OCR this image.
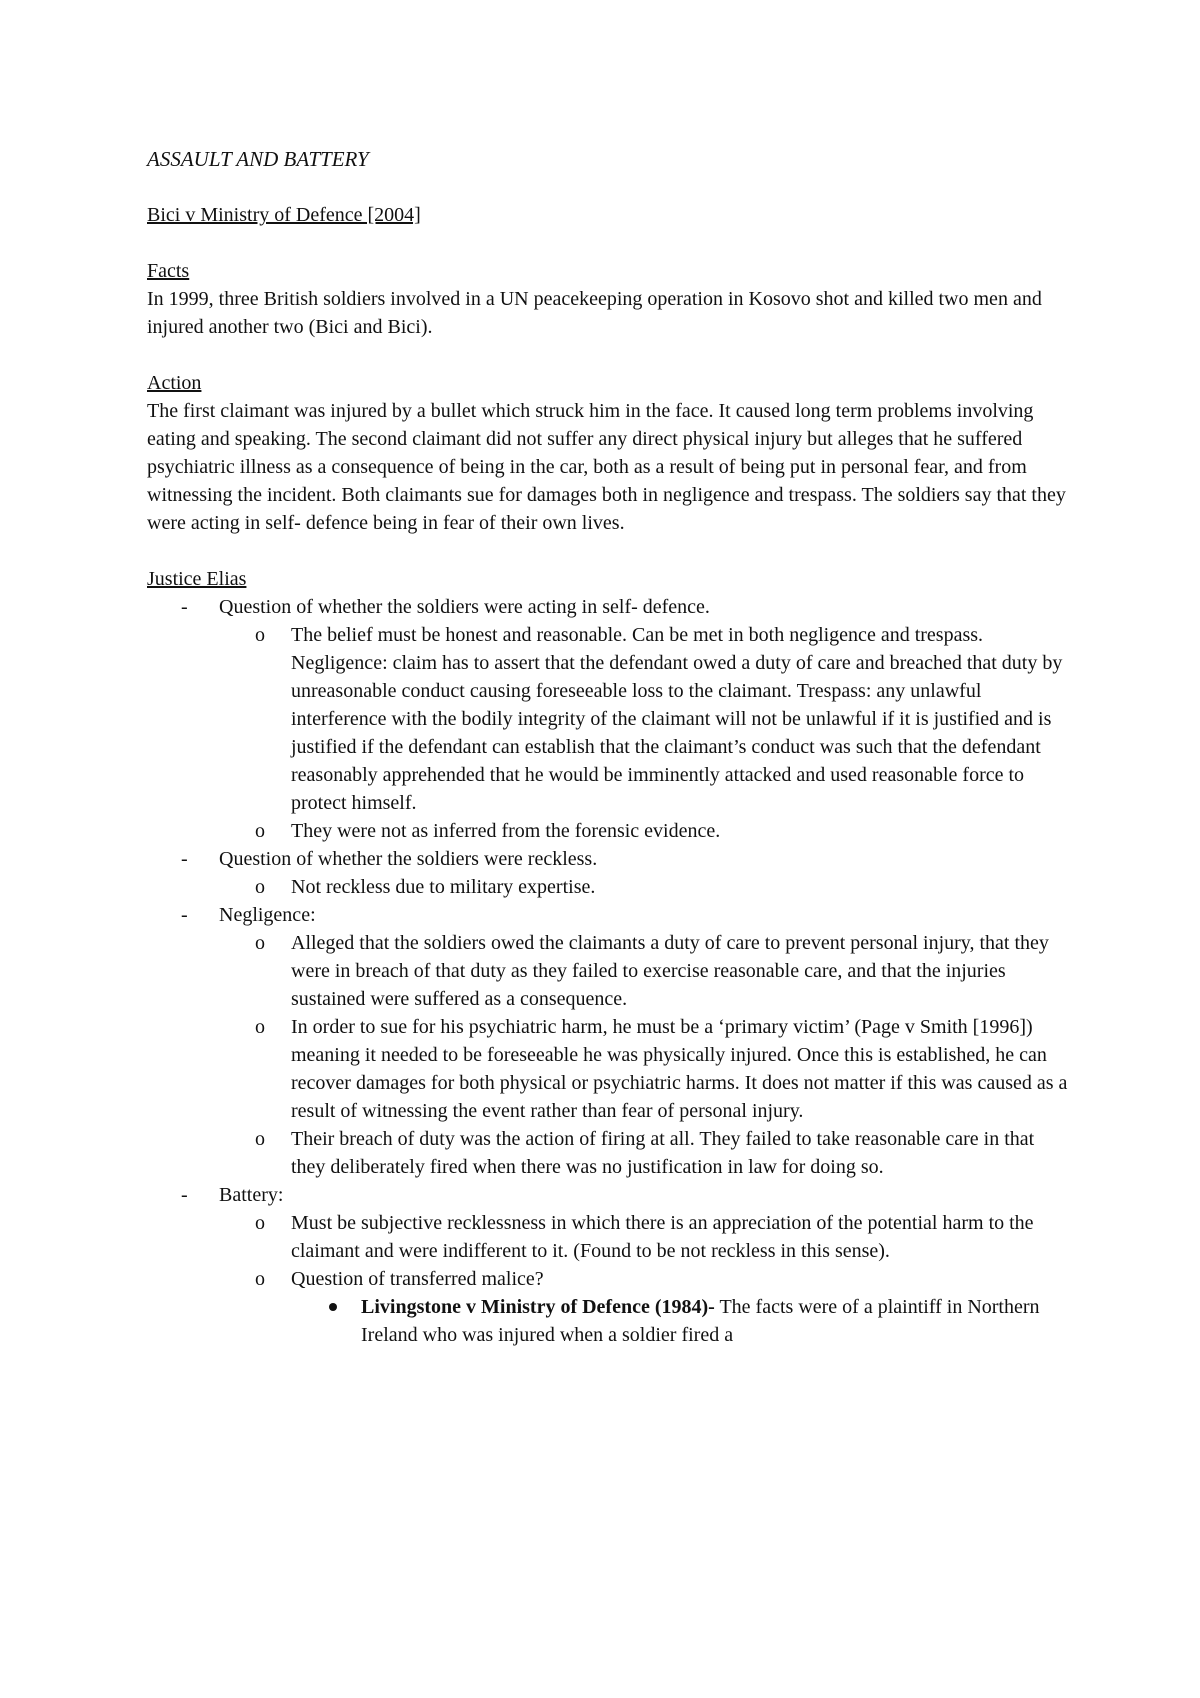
ASSAULT AND BATTERY
Bici v Ministry of Defence [2004]
Facts
In 1999, three British soldiers involved in a UN peacekeeping operation in Kosovo shot and killed two men and injured another two (Bici and Bici).
Action
The first claimant was injured by a bullet which struck him in the face. It caused long term problems involving eating and speaking. The second claimant did not suffer any direct physical injury but alleges that he suffered psychiatric illness as a consequence of being in the car, both as a result of being put in personal fear, and from witnessing the incident. Both claimants sue for damages both in negligence and trespass. The soldiers say that they were acting in self- defence being in fear of their own lives.
Justice Elias
- Question of whether the soldiers were acting in self- defence.
o The belief must be honest and reasonable. Can be met in both negligence and trespass. Negligence: claim has to assert that the defendant owed a duty of care and breached that duty by unreasonable conduct causing foreseeable loss to the claimant. Trespass: any unlawful interference with the bodily integrity of the claimant will not be unlawful if it is justified and is justified if the defendant can establish that the claimant’s conduct was such that the defendant reasonably apprehended that he would be imminently attacked and used reasonable force to protect himself.
o They were not as inferred from the forensic evidence.
- Question of whether the soldiers were reckless.
o Not reckless due to military expertise.
- Negligence:
o Alleged that the soldiers owed the claimants a duty of care to prevent personal injury, that they were in breach of that duty as they failed to exercise reasonable care, and that the injuries sustained were suffered as a consequence.
o In order to sue for his psychiatric harm, he must be a ‘primary victim’ (Page v Smith [1996]) meaning it needed to be foreseeable he was physically injured. Once this is established, he can recover damages for both physical or psychiatric harms. It does not matter if this was caused as a result of witnessing the event rather than fear of personal injury.
o Their breach of duty was the action of firing at all. They failed to take reasonable care in that they deliberately fired when there was no justification in law for doing so.
- Battery:
o Must be subjective recklessness in which there is an appreciation of the potential harm to the claimant and were indifferent to it. (Found to be not reckless in this sense).
o Question of transferred malice?
Livingstone v Ministry of Defence (1984)- The facts were of a plaintiff in Northern Ireland who was injured when a soldier fired a
